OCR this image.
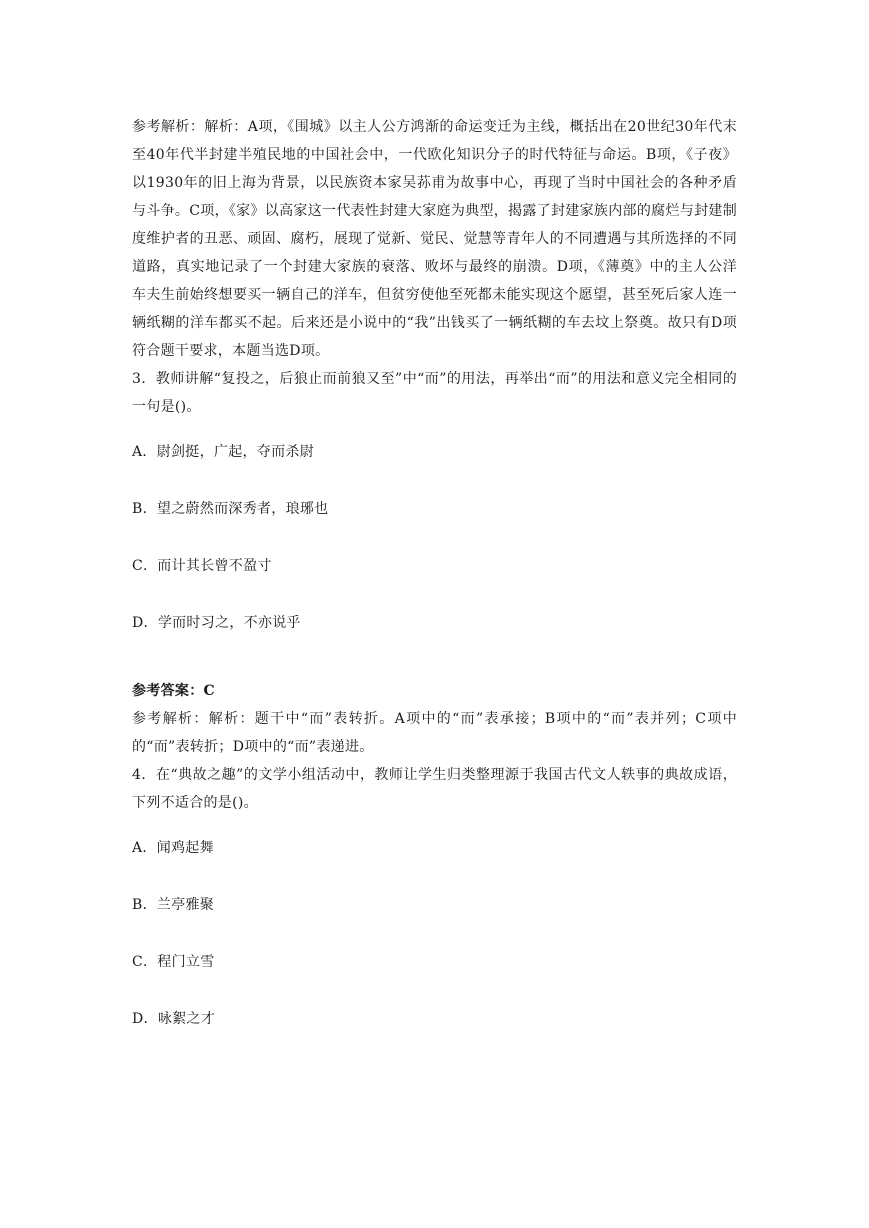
参考解析：解析：A项，《围城》以主人公方鸿渐的命运变迁为主线，概括出在20世纪30年代末至40年代半封建半殖民地的中国社会中，一代欧化知识分子的时代特征与命运。B项，《子夜》以1930年的旧上海为背景，以民族资本家吴荪甫为故事中心，再现了当时中国社会的各种矛盾与斗争。C项，《家》以高家这一代表性封建大家庭为典型，揭露了封建家族内部的腐烂与封建制度维护者的丑恶、顽固、腐朽，展现了觉新、觉民、觉慧等青年人的不同遭遇与其所选择的不同道路，真实地记录了一个封建大家族的衰落、败坏与最终的崩溃。D项，《薄奠》中的主人公洋车夫生前始终想要买一辆自己的洋车，但贫穷使他至死都未能实现这个愿望，甚至死后家人连一辆纸糊的洋车都买不起。后来还是小说中的“我”出钱买了一辆纸糊的车去坟上祭奠。故只有D项符合题干要求，本题当选D项。

3．教师讲解“复投之，后狼止而前狼又至”中“而”的用法，再举出“而”的用法和意义完全相同的一句是()。

A．尉剑挺，广起，夺而杀尉

B．望之蔚然而深秀者，琅琊也

C．而计其长曾不盈寸

D．学而时习之，不亦说乎

参考答案：C

参考解析：解析：题干中“而”表转折。A项中的“而”表承接；B项中的“而”表并列；C项中的“而”表转折；D项中的“而”表递进。

4．在“典故之趣”的文学小组活动中，教师让学生归类整理源于我国古代文人轶事的典故成语，下列不适合的是()。

A．闻鸡起舞

B．兰亭雅聚

C．程门立雪

D．咏絮之才
